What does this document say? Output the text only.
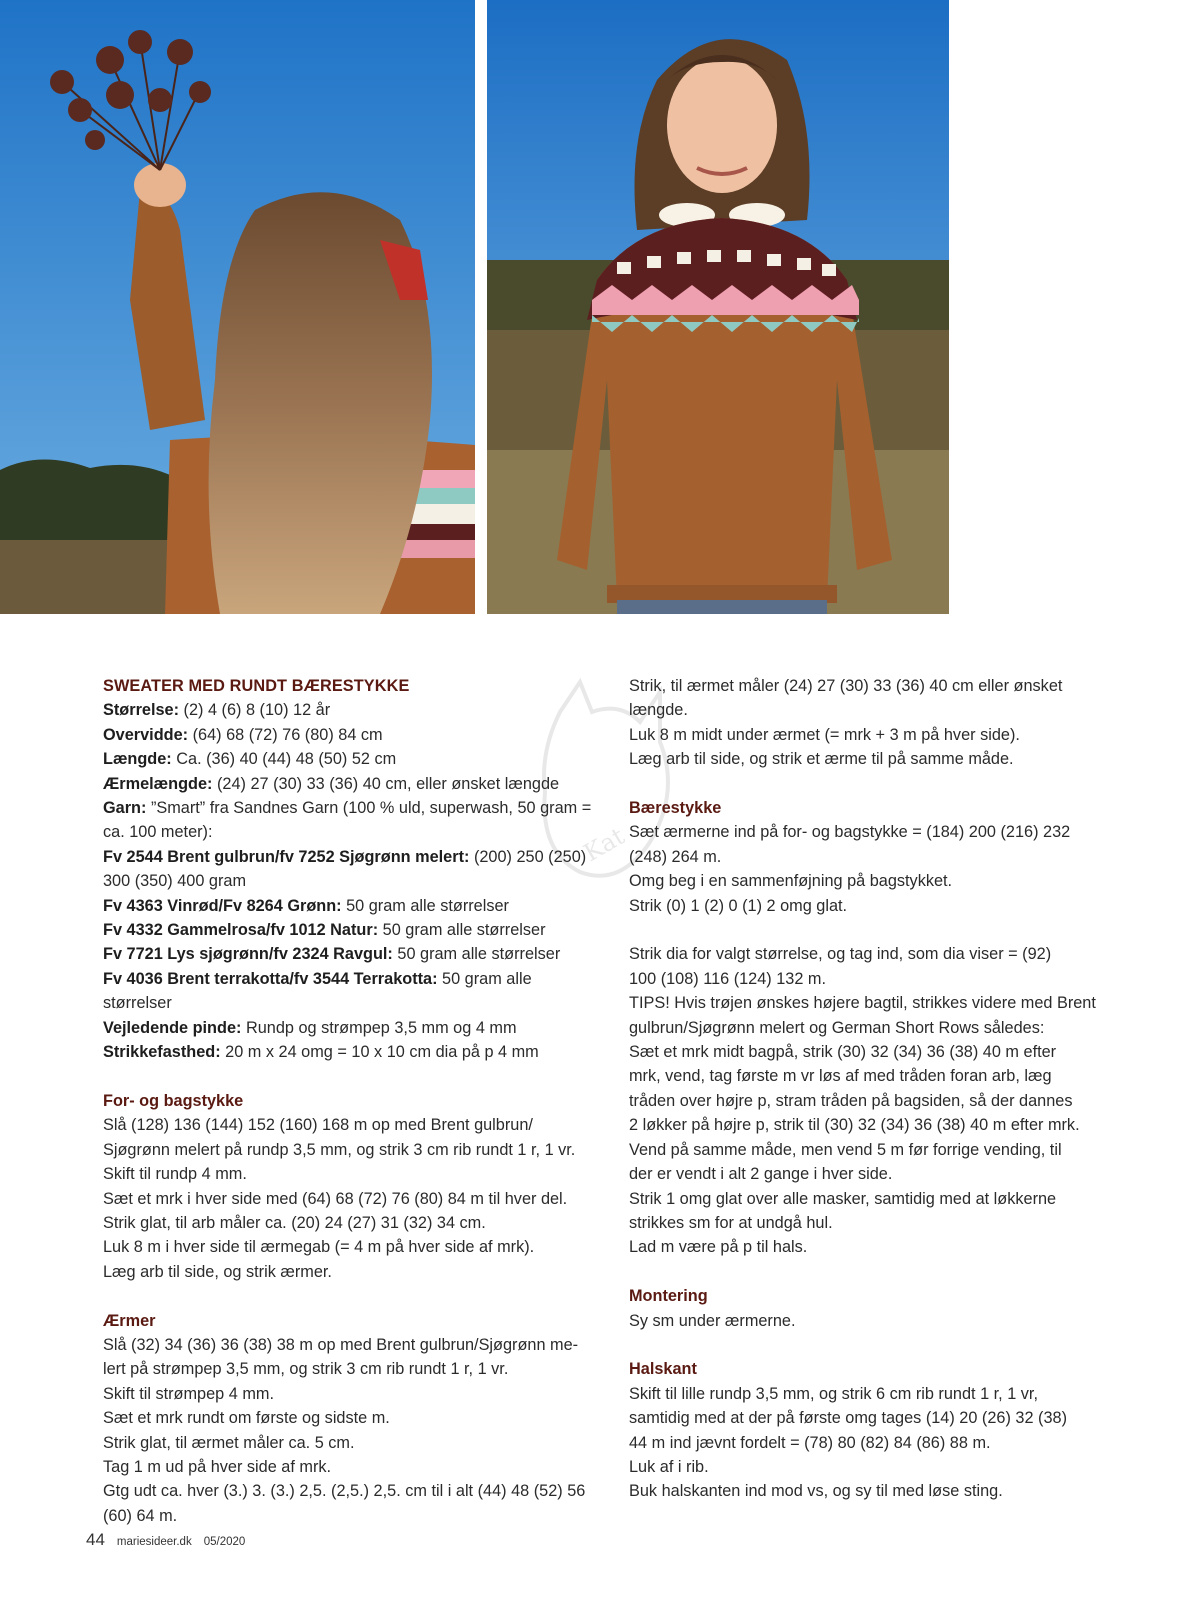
Kat

SWEATER MED RUNDT BÆRESTYKKE

Størrelse: (2) 4 (6) 8 (10) 12 år

Overvidde: (64) 68 (72) 76 (80) 84 cm

Længde: Ca. (36) 40 (44) 48 (50) 52 cm

Ærmelængde: (24) 27 (30) 33 (36) 40 cm, eller ønsket længde

Garn: ”Smart” fra Sandnes Garn (100 % uld, superwash, 50 gram = ca. 100 meter):

Fv 2544 Brent gulbrun/fv 7252 Sjøgrønn melert: (200) 250 (250) 300 (350) 400 gram

Fv 4363 Vinrød/Fv 8264 Grønn: 50 gram alle størrelser

Fv 4332 Gammelrosa/fv 1012 Natur: 50 gram alle størrelser

Fv 7721 Lys sjøgrønn/fv 2324 Ravgul: 50 gram alle størrelser

Fv 4036 Brent terrakotta/fv 3544 Terrakotta: 50 gram alle størrelser

Vejledende pinde: Rundp og strømpep 3,5 mm og 4 mm

Strikkefasthed: 20 m x 24 omg = 10 x 10 cm dia på p 4 mm

For- og bagstykke

Slå (128) 136 (144) 152 (160) 168 m op med Brent gulbrun/

Sjøgrønn melert på rundp 3,5 mm, og strik 3 cm rib rundt 1 r, 1 vr.

Skift til rundp 4 mm.

Sæt et mrk i hver side med (64) 68 (72) 76 (80) 84 m til hver del.

Strik glat, til arb måler ca. (20) 24 (27) 31 (32) 34 cm.

Luk 8 m i hver side til ærmegab (= 4 m på hver side af mrk).

Læg arb til side, og strik ærmer.

Ærmer

Slå (32) 34 (36) 36 (38) 38 m op med Brent gulbrun/Sjøgrønn me-

lert på strømpep 3,5 mm, og strik 3 cm rib rundt 1 r, 1 vr.

Skift til strømpep 4 mm.

Sæt et mrk rundt om første og sidste m.

Strik glat, til ærmet måler ca. 5 cm.

Tag 1 m ud på hver side af mrk.

Gtg udt ca. hver (3.) 3. (3.) 2,5. (2,5.) 2,5. cm til i alt (44) 48 (52) 56

(60) 64 m.

Strik, til ærmet måler (24) 27 (30) 33 (36) 40 cm eller ønsket

længde.

Luk 8 m midt under ærmet (= mrk + 3 m på hver side).

Læg arb til side, og strik et ærme til på samme måde.

Bærestykke

Sæt ærmerne ind på for- og bagstykke = (184) 200 (216) 232

(248) 264 m.

Omg beg i en sammenføjning på bagstykket.

Strik (0) 1 (2) 0 (1) 2 omg glat.

Strik dia for valgt størrelse, og tag ind, som dia viser = (92)

100 (108) 116 (124) 132 m.

TIPS! Hvis trøjen ønskes højere bagtil, strikkes videre med Brent

gulbrun/Sjøgrønn melert og German Short Rows således:

Sæt et mrk midt bagpå, strik (30) 32 (34) 36 (38) 40 m efter

mrk, vend, tag første m vr løs af med tråden foran arb, læg

tråden over højre p, stram tråden på bagsiden, så der dannes

2 løkker på højre p, strik til (30) 32 (34) 36 (38) 40 m efter mrk.

Vend på samme måde, men vend 5 m før forrige vending, til

der er vendt i alt 2 gange i hver side.

Strik 1 omg glat over alle masker, samtidig med at løkkerne

strikkes sm for at undgå hul.

Lad m være på p til hals.

Montering

Sy sm under ærmerne.

Halskant

Skift til lille rundp 3,5 mm, og strik 6 cm rib rundt 1 r, 1 vr,

samtidig med at der på første omg tages (14) 20 (26) 32 (38)

44 m ind jævnt fordelt = (78) 80 (82) 84 (86) 88 m.

Luk af i rib.

Buk halskanten ind mod vs, og sy til med løse sting.

44 mariesideer.dk 05/2020
